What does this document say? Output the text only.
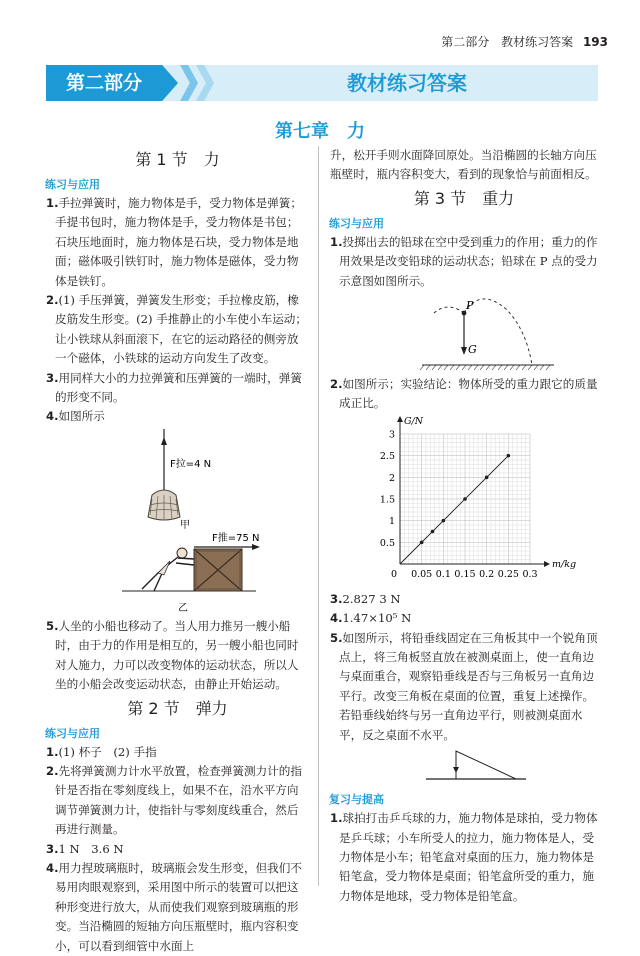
第二部分 教材练习答案 193
第二部分	教材练习答案
第七章　力
第 1 节　力
练习与应用

1.手拉弹簧时，施力物体是手，受力物体是弹簧；手提书包时，施力物体是手，受力物体是书包；石块压地面时，施力物体是石块，受力物体是地面；磁体吸引铁钉时，施力物体是磁体，受力物体是铁钉。

2.(1) 手压弹簧，弹簧发生形变；手拉橡皮筋，橡皮筋发生形变。(2) 手推静止的小车使小车运动；让小铁球从斜面滚下，在它的运动路径的侧旁放一个磁体，小铁球的运动方向发生了改变。

3.用同样大小的力拉弹簧和压弹簧的一端时，弹簧的形变不同。

4.如图所示

F拉=4 N
甲
F推=75 N
乙

5.人坐的小船也移动了。当人用力推另一艘小船时，由于力的作用是相互的，另一艘小船也同时对人施力，力可以改变物体的运动状态，所以人坐的小船会改变运动状态，由静止开始运动。

第 2 节　弹力
练习与应用

1.(1) 杯子　(2) 手指

2.先将弹簧测力计水平放置，检查弹簧测力计的指针是否指在零刻度线上，如果不在，沿水平方向调节弹簧测力计，使指针与零刻度线重合，然后再进行测量。

3.1 N　3.6 N

4.用力捏玻璃瓶时，玻璃瓶会发生形变，但我们不易用肉眼观察到，采用图中所示的装置可以把这种形变进行放大，从而使我们观察到玻璃瓶的形变。当沿椭圆的短轴方向压瓶壁时，瓶内容积变小，可以看到细管中水面上

升，松开手则水面降回原处。当沿椭圆的长轴方向压瓶壁时，瓶内容积变大，看到的现象恰与前面相反。

第 3 节　重力
练习与应用

1.投掷出去的铅球在空中受到重力的作用；重力的作用效果是改变铅球的运动状态；铅球在 P 点的受力示意图如图所示。

P
G

2.如图所示；实验结论：物体所受的重力跟它的质量成正比。

0 0.05 0.1 0.15 0.2 0.25 0.3
0.5
1
1.5
2
2.5
3
m/kg
G/N

3.2.827 3 N

4.1.47×10⁵ N

5.如图所示，将铅垂线固定在三角板其中一个锐角顶点上，将三角板竖直放在被测桌面上，使一直角边与桌面重合，观察铅垂线是否与三角板另一直角边平行。改变三角板在桌面的位置，重复上述操作。若铅垂线始终与另一直角边平行，则被测桌面水平，反之桌面不水平。

复习与提高

1.球拍打击乒乓球的力，施力物体是球拍，受力物体是乒乓球；小车所受人的拉力，施力物体是人，受力物体是小车；铅笔盒对桌面的压力，施力物体是铅笔盒，受力物体是桌面；铅笔盒所受的重力，施力物体是地球，受力物体是铅笔盒。
